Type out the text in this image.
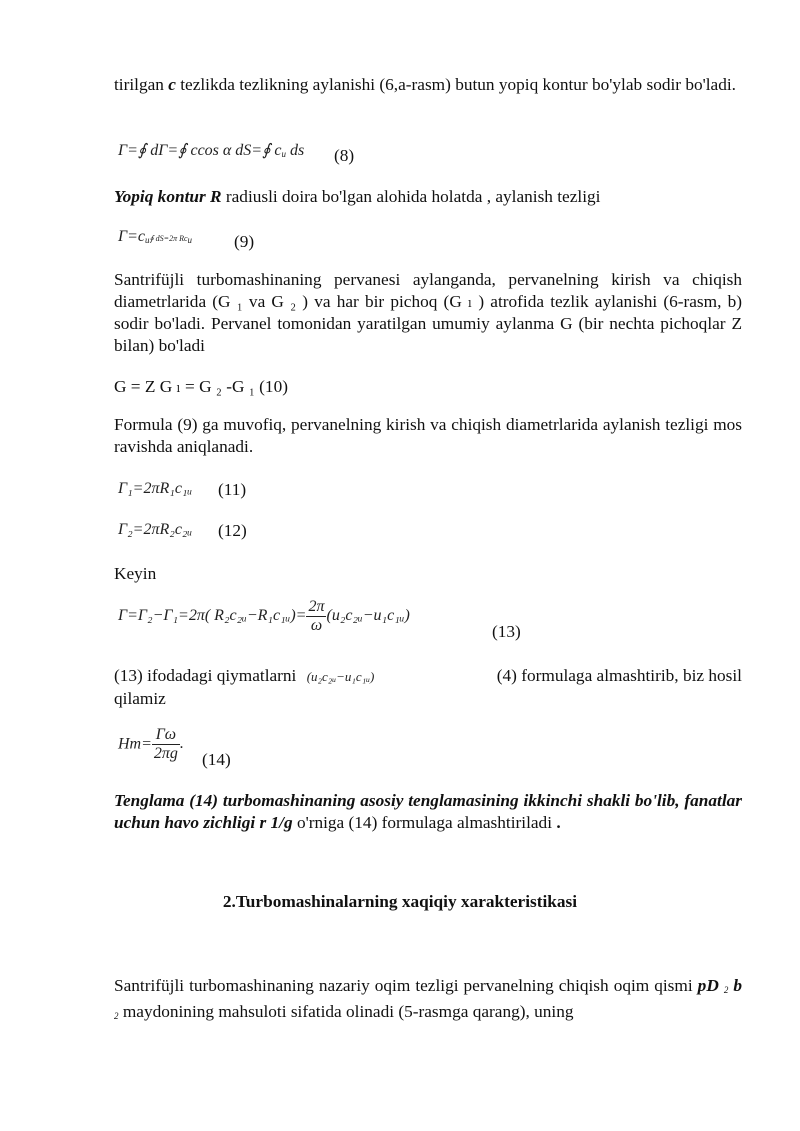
tirilgan c tezlikda tezlikning aylanishi (6,a-rasm) butun yopiq kontur bo'ylab sodir bo'ladi.

Γ=∮ dΓ=∮ ccos α dS=∮ $c_u$ ds (8)

Yopiq kontur R radiusli doira bo'lgan alohida holatda , aylanish tezligi

$\Gamma=c_u∮$ dS=2π $Rc_u$ (9)

Santrifüjli turbomashinaning pervanesi aylanganda, pervanelning kirish va chiqish diametrlarida (G ₁ va G ₂ ) va har bir pichoq (G ₗ ) atrofida tezlik aylanishi (6-rasm, b) sodir bo'ladi. Pervanel tomonidan yaratilgan umumiy aylanma G (bir nechta pichoqlar Z bilan) bo'ladi

G = Z G ₗ = G ₂ -G ₁ (10)

Formula (9) ga muvofiq, pervanelning kirish va chiqish diametrlarida aylanish tezligi mos ravishda aniqlanadi.

Γ₁=2πR₁c₁ᵤ (11)
Γ₂=2πR₂c₂ᵤ (12)

Keyin

Γ=Γ₂−Γ₁=2π( R₂c₂ᵤ−R₁c₁ᵤ)= $\frac{2\pi}{\omega}$ (u₂c₂ᵤ−u₁c₁ᵤ)
(13)
(13) ifodadagi qiymatlarni (u₂c₂ᵤ−u₁c₁ᵤ)	(4) formulaga almashtirib, biz hosil

qilamiz
$Hm= \frac{\Gamma\omega}{2\pi g}$ .
(14)

Tenglama (14) turbomashinaning asosiy tenglamasining ikkinchi shakli bo'lib, fanatlar uchun havo zichligi r 1/g o'rniga (14) formulaga almashtiriladi .

2.Turbomashinalarning xaqiqiy xarakteristikasi

Santrifüjli turbomashinaning nazariy oqim tezligi pervanelning chiqish oqim qismi pD $_2$ b $_2$ maydonining mahsuloti sifatida olinadi (5-rasmga qarang), uning
